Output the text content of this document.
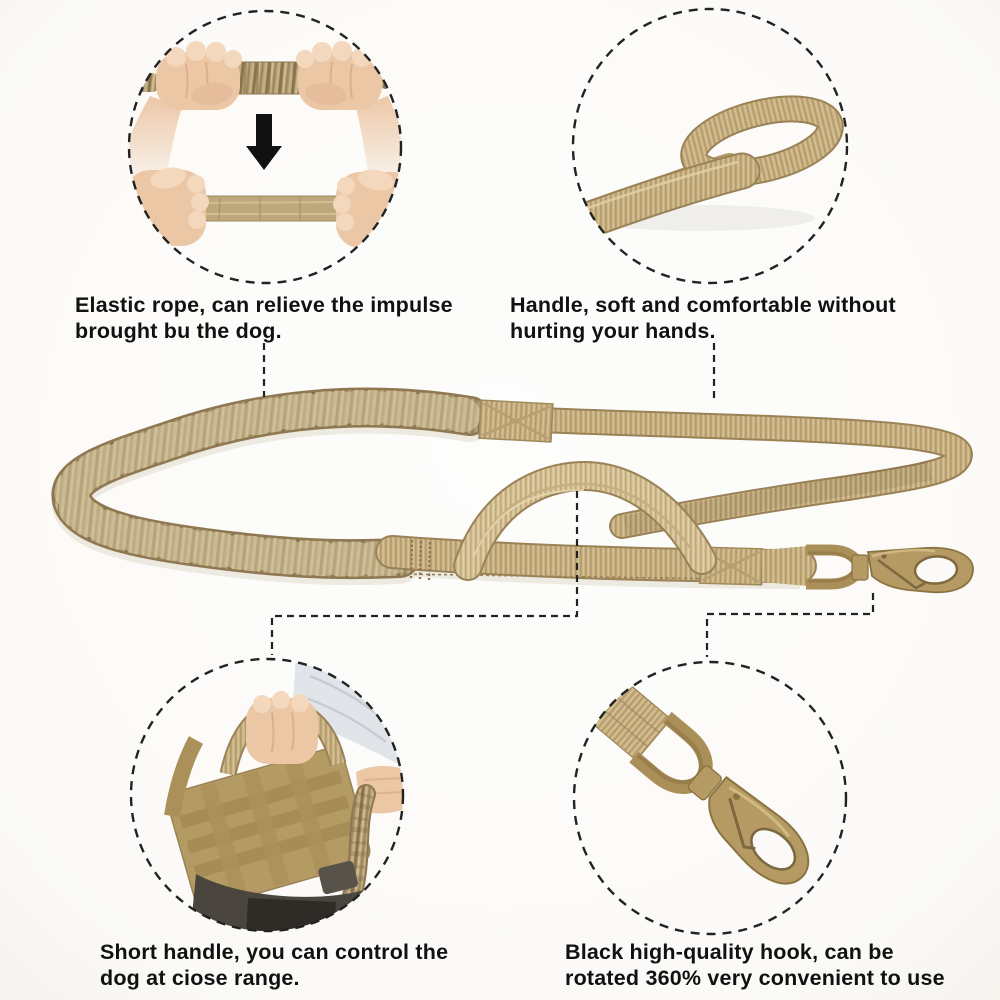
Elastic rope, can relieve the impulse
brought bu the dog.
Handle, soft and comfortable without
hurting your hands.
Short handle, you can control the
dog at ciose range.
Black high-quality hook, can be
rotated 360% very convenient to use
